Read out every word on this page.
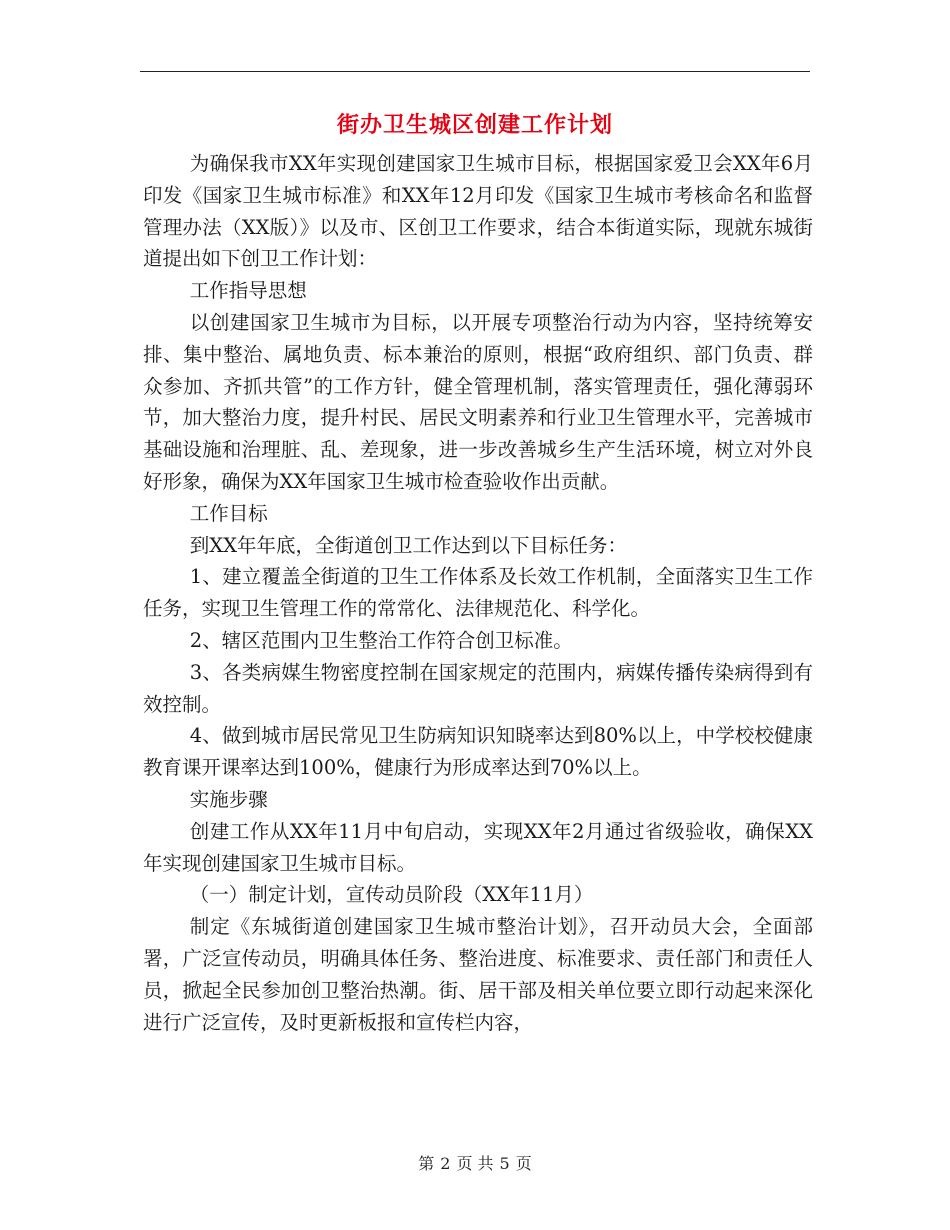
街办卫生城区创建工作计划

为确保我市XX年实现创建国家卫生城市目标，根据国家爱卫会XX年6月印发《国家卫生城市标准》和XX年12月印发《国家卫生城市考核命名和监督管理办法（XX版）》以及市、区创卫工作要求，结合本街道实际，现就东城街道提出如下创卫工作计划：

工作指导思想

以创建国家卫生城市为目标，以开展专项整治行动为内容，坚持统筹安排、集中整治、属地负责、标本兼治的原则，根据“政府组织、部门负责、群众参加、齐抓共管”的工作方针，健全管理机制，落实管理责任，强化薄弱环节，加大整治力度，提升村民、居民文明素养和行业卫生管理水平，完善城市基础设施和治理脏、乱、差现象，进一步改善城乡生产生活环境，树立对外良好形象，确保为XX年国家卫生城市检查验收作出贡献。

工作目标

到XX年年底，全街道创卫工作达到以下目标任务：

1、建立覆盖全街道的卫生工作体系及长效工作机制，全面落实卫生工作任务，实现卫生管理工作的常常化、法律规范化、科学化。

2、辖区范围内卫生整治工作符合创卫标准。

3、各类病媒生物密度控制在国家规定的范围内，病媒传播传染病得到有效控制。

4、做到城市居民常见卫生防病知识知晓率达到80%以上，中学校校健康教育课开课率达到100%，健康行为形成率达到70%以上。

实施步骤

创建工作从XX年11月中旬启动，实现XX年2月通过省级验收，确保XX年实现创建国家卫生城市目标。

（一）制定计划，宣传动员阶段（XX年11月）

制定《东城街道创建国家卫生城市整治计划》，召开动员大会，全面部署，广泛宣传动员，明确具体任务、整治进度、标准要求、责任部门和责任人员，掀起全民参加创卫整治热潮。街、居干部及相关单位要立即行动起来深化进行广泛宣传，及时更新板报和宣传栏内容，

第 2 页 共 5 页
